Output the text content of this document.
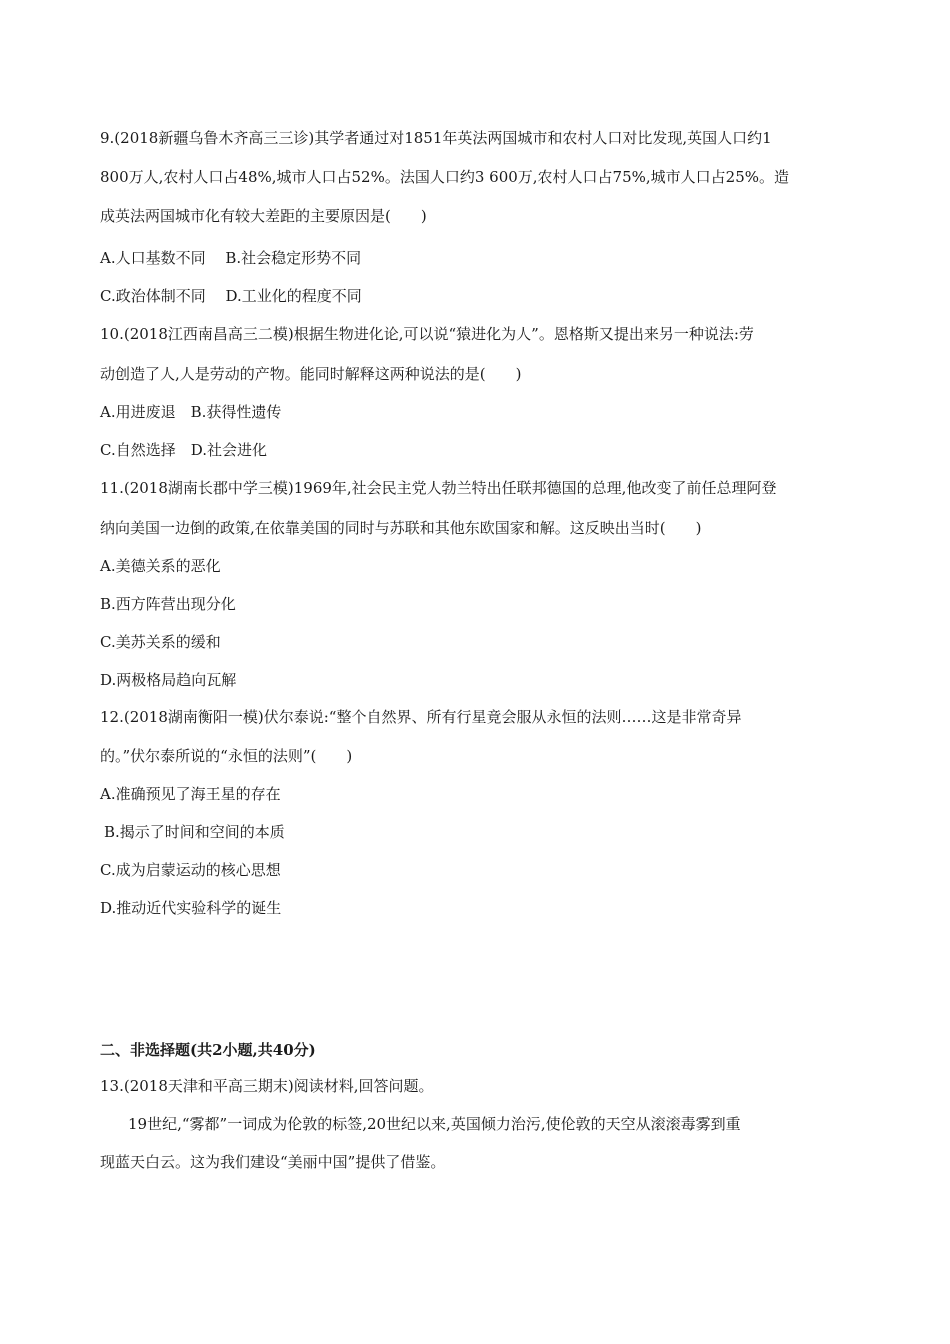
9.(2018新疆乌鲁木齐高三三诊)其学者通过对1851年英法两国城市和农村人口对比发现,英国人口约1
800万人,农村人口占48%,城市人口占52%。法国人口约3 600万,农村人口占75%,城市人口占25%。造
成英法两国城市化有较大差距的主要原因是(　　)
A.人口基数不同　 B.社会稳定形势不同
C.政治体制不同　 D.工业化的程度不同
10.(2018江西南昌高三二模)根据生物进化论,可以说“猿进化为人”。恩格斯又提出来另一种说法:劳
动创造了人,人是劳动的产物。能同时解释这两种说法的是(　　)
A.用进废退　B.获得性遗传
C.自然选择　D.社会进化
11.(2018湖南长郡中学三模)1969年,社会民主党人勃兰特出任联邦德国的总理,他改变了前任总理阿登
纳向美国一边倒的政策,在依靠美国的同时与苏联和其他东欧国家和解。这反映出当时(　　)
A.美德关系的恶化
B.西方阵营出现分化
C.美苏关系的缓和
D.两极格局趋向瓦解
12.(2018湖南衡阳一模)伏尔泰说:“整个自然界、所有行星竟会服从永恒的法则……这是非常奇异
的。”伏尔泰所说的“永恒的法则”(　　)
A.准确预见了海王星的存在
B.揭示了时间和空间的本质
C.成为启蒙运动的核心思想
D.推动近代实验科学的诞生
二、非选择题(共2小题,共40分)
13.(2018天津和平高三期末)阅读材料,回答问题。
19世纪,“雾都”一词成为伦敦的标签,20世纪以来,英国倾力治污,使伦敦的天空从滚滚毒雾到重
现蓝天白云。这为我们建设“美丽中国”提供了借鉴。
